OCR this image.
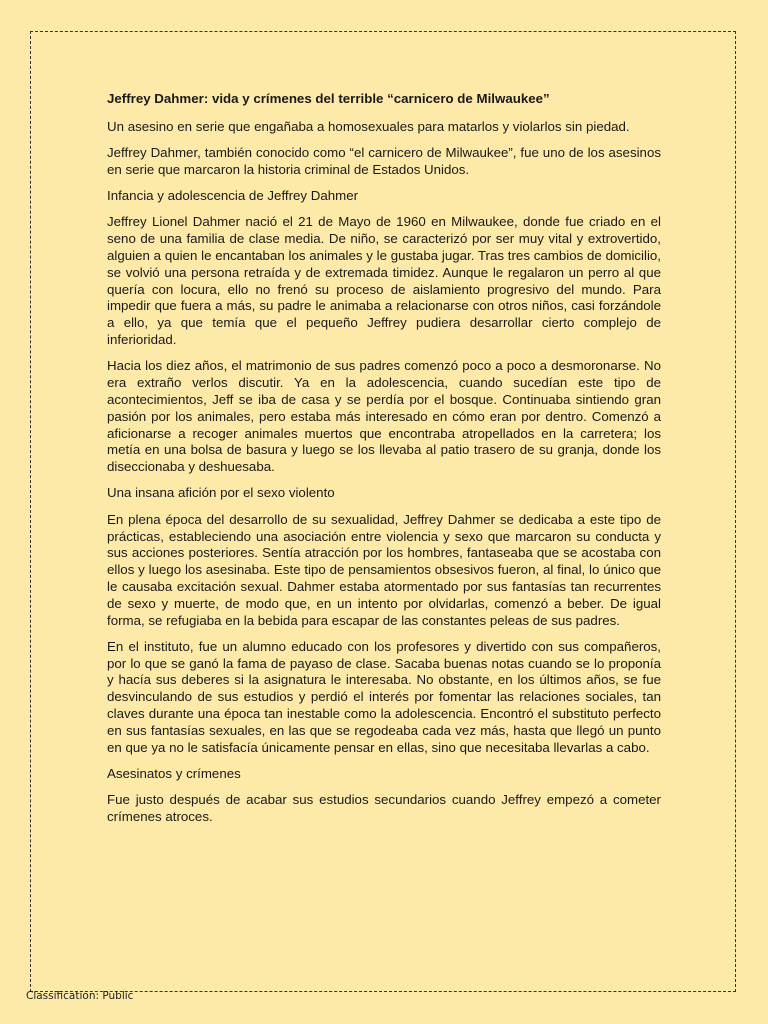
Jeffrey Dahmer: vida y crímenes del terrible “carnicero de Milwaukee”

Un asesino en serie que engañaba a homosexuales para matarlos y violarlos sin piedad.

Jeffrey Dahmer, también conocido como “el carnicero de Milwaukee”, fue uno de los asesinos en serie que marcaron la historia criminal de Estados Unidos.

Infancia y adolescencia de Jeffrey Dahmer

Jeffrey Lionel Dahmer nació el 21 de Mayo de 1960 en Milwaukee, donde fue criado en el seno de una familia de clase media. De niño, se caracterizó por ser muy vital y extrovertido, alguien a quien le encantaban los animales y le gustaba jugar. Tras tres cambios de domicilio, se volvió una persona retraída y de extremada timidez. Aunque le regalaron un perro al que quería con locura, ello no frenó su proceso de aislamiento progresivo del mundo. Para impedir que fuera a más, su padre le animaba a relacionarse con otros niños, casi forzándole a ello, ya que temía que el pequeño Jeffrey pudiera desarrollar cierto complejo de inferioridad.

Hacia los diez años, el matrimonio de sus padres comenzó poco a poco a desmoronarse. No era extraño verlos discutir. Ya en la adolescencia, cuando sucedían este tipo de acontecimientos, Jeff se iba de casa y se perdía por el bosque. Continuaba sintiendo gran pasión por los animales, pero estaba más interesado en cómo eran por dentro. Comenzó a aficionarse a recoger animales muertos que encontraba atropellados en la carretera; los metía en una bolsa de basura y luego se los llevaba al patio trasero de su granja, donde los diseccionaba y deshuesaba.

Una insana afición por el sexo violento

En plena época del desarrollo de su sexualidad, Jeffrey Dahmer se dedicaba a este tipo de prácticas, estableciendo una asociación entre violencia y sexo que marcaron su conducta y sus acciones posteriores. Sentía atracción por los hombres, fantaseaba que se acostaba con ellos y luego los asesinaba. Este tipo de pensamientos obsesivos fueron, al final, lo único que le causaba excitación sexual. Dahmer estaba atormentado por sus fantasías tan recurrentes de sexo y muerte, de modo que, en un intento por olvidarlas, comenzó a beber. De igual forma, se refugiaba en la bebida para escapar de las constantes peleas de sus padres.

En el instituto, fue un alumno educado con los profesores y divertido con sus compañeros, por lo que se ganó la fama de payaso de clase. Sacaba buenas notas cuando se lo proponía y hacía sus deberes si la asignatura le interesaba. No obstante, en los últimos años, se fue desvinculando de sus estudios y perdió el interés por fomentar las relaciones sociales, tan claves durante una época tan inestable como la adolescencia. Encontró el substituto perfecto en sus fantasías sexuales, en las que se regodeaba cada vez más, hasta que llegó un punto en que ya no le satisfacía únicamente pensar en ellas, sino que necesitaba llevarlas a cabo.

Asesinatos y crímenes

Fue justo después de acabar sus estudios secundarios cuando Jeffrey empezó a cometer crímenes atroces.

Classification: Public
